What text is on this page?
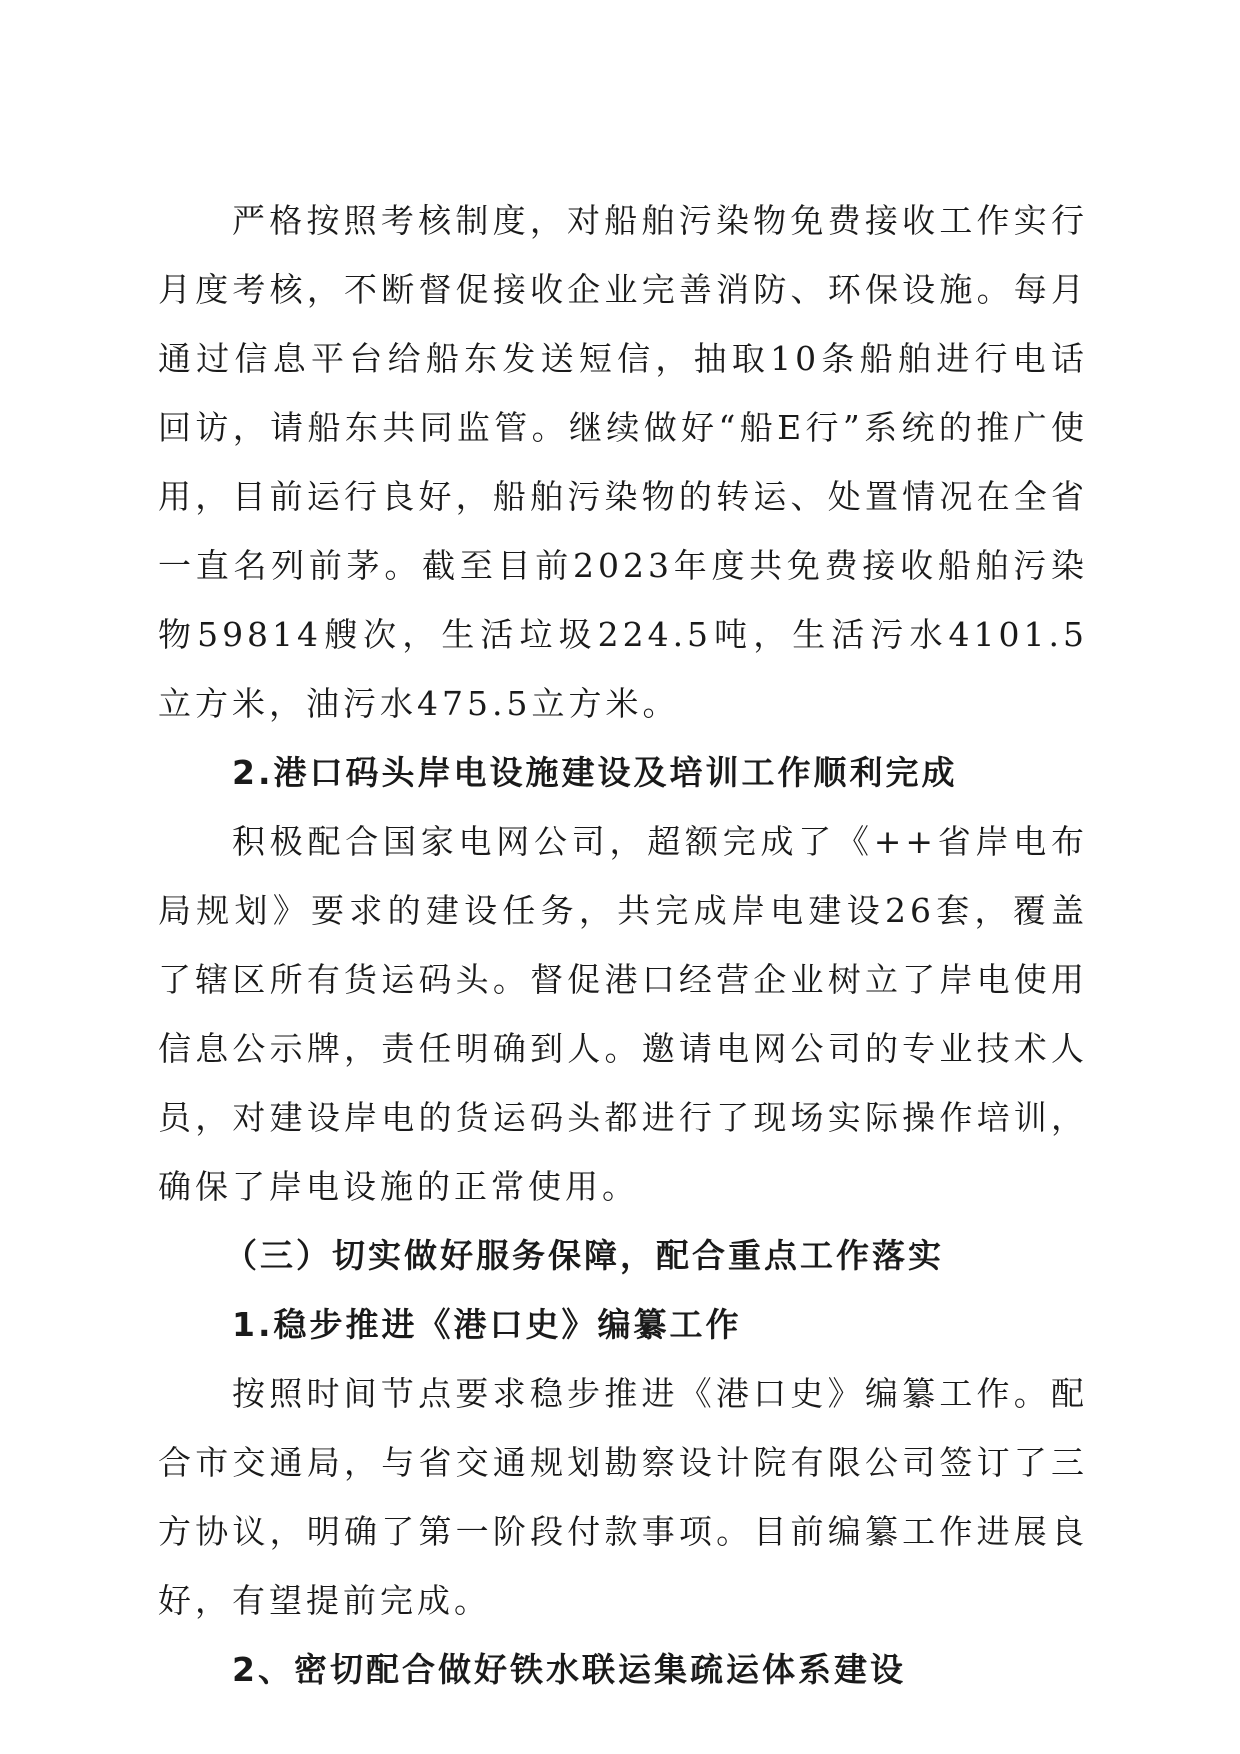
严格按照考核制度，对船舶污染物免费接收工作实行月度考核，不断督促接收企业完善消防、环保设施。每月通过信息平台给船东发送短信，抽取10条船舶进行电话回访，请船东共同监管。继续做好“船E行”系统的推广使用，目前运行良好，船舶污染物的转运、处置情况在全省一直名列前茅。截至目前2023年度共免费接收船舶污染物59814艘次，生活垃圾224.5吨，生活污水4101.5立方米，油污水475.5立方米。

2.港口码头岸电设施建设及培训工作顺利完成

积极配合国家电网公司，超额完成了《++省岸电布局规划》要求的建设任务，共完成岸电建设26套，覆盖了辖区所有货运码头。督促港口经营企业树立了岸电使用信息公示牌，责任明确到人。邀请电网公司的专业技术人员，对建设岸电的货运码头都进行了现场实际操作培训，确保了岸电设施的正常使用。

（三）切实做好服务保障，配合重点工作落实

1.稳步推进《港口史》编纂工作

按照时间节点要求稳步推进《港口史》编纂工作。配合市交通局，与省交通规划勘察设计院有限公司签订了三方协议，明确了第一阶段付款事项。目前编纂工作进展良好，有望提前完成。

2、密切配合做好铁水联运集疏运体系建设
